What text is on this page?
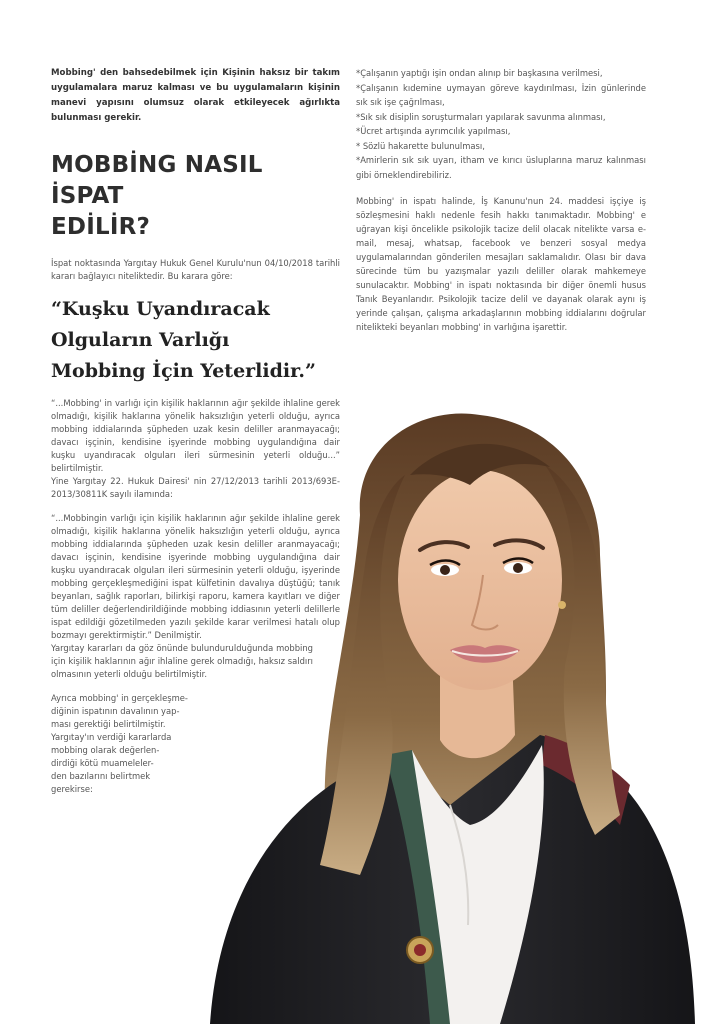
Mobbing' den bahsedebilmek için Kişinin haksız bir takım uygulamalara maruz kalması ve bu uygulamaların kişinin manevi yapısını olumsuz olarak etkileyecek ağırlıkta bulunması gerekir.

MOBBİNG NASIL İSPAT
EDİLİR?

İspat noktasında Yargıtay Hukuk Genel Kurulu'nun 04/10/2018 tarihli kararı bağlayıcı niteliktedir. Bu karara göre:

“Kuşku Uyandıracak
Olguların Varlığı
Mobbing İçin Yeterlidir.”

“...Mobbing' in varlığı için kişilik haklarının ağır şekilde ihlaline gerek olmadığı, kişilik haklarına yönelik haksızlığın yeterli olduğu, ayrıca mobbing iddialarında şüpheden uzak kesin deliller aranmayacağı; davacı işçinin, kendisine işyerinde mobbing uygulandığına dair kuşku uyandıracak olguları ileri sürmesinin yeterli olduğu...” belirtilmiştir.

Yine Yargıtay 22. Hukuk Dairesi' nin 27/12/2013 tarihli 2013/693E-2013/30811K sayılı ilamında:

“...Mobbingin varlığı için kişilik haklarının ağır şekilde ihlaline gerek olmadığı, kişilik haklarına yönelik haksızlığın yeterli olduğu, ayrıca mobbing iddialarında şüpheden uzak kesin deliller aranmayacağı; davacı işçinin, kendisine işyerinde mobbing uygulandığına dair kuşku uyandıracak olguları ileri sürmesinin yeterli olduğu, işyerinde mobbing gerçekleşmediğini ispat külfetinin davalıya düştüğü; tanık beyanları, sağlık raporları, bilirkişi raporu, kamera kayıtları ve diğer tüm deliller değerlendirildiğinde mobbing iddiasının yeterli delillerle ispat edildiği gözetilmeden yazılı şekilde karar verilmesi hatalı olup bozmayı gerektirmiştir.” Denilmiştir.

Yargıtay kararları da göz önünde bulundurulduğunda mobbing için kişilik haklarının ağır ihlaline gerek olmadığı, haksız saldırı olmasının yeterli olduğu belirtilmiştir.

Ayrıca mobbing' in gerçekleşme-
diğinin ispatının davalının yap-
ması gerektiği belirtilmiştir.
Yargıtay'ın verdiği kararlarda
mobbing olarak değerlen-
dirdiği kötü muameleler-
den bazılarını belirtmek
gerekirse:
*Çalışanın yaptığı işin ondan alınıp bir başkasına verilmesi,
*Çalışanın kıdemine uymayan göreve kaydırılması, İzin günlerinde sık sık işe çağrılması,
*Sık sık disiplin soruşturmaları yapılarak savunma alınması,
*Ücret artışında ayrımcılık yapılması,
* Sözlü hakarette bulunulması,
*Amirlerin sık sık uyarı, itham ve kırıcı üsluplarına maruz kalınması gibi örneklendirebiliriz.

Mobbing' in ispatı halinde, İş Kanunu'nun 24. maddesi işçiye iş sözleşmesini haklı nedenle fesih hakkı tanımaktadır. Mobbing' e uğrayan kişi öncelikle psikolojik tacize delil olacak nitelikte varsa e-mail, mesaj, whatsap, facebook ve benzeri sosyal medya uygulamalarından gönderilen mesajları saklamalıdır. Olası bir dava sürecinde tüm bu yazışmalar yazılı deliller olarak mahkemeye sunulacaktır. Mobbing' in ispatı noktasında bir diğer önemli husus Tanık Beyanlarıdır. Psikolojik tacize delil ve dayanak olarak aynı iş yerinde çalışan, çalışma arkadaşlarının mobbing iddialarını doğrular nitelikteki beyanları mobbing' in varlığına işarettir.
